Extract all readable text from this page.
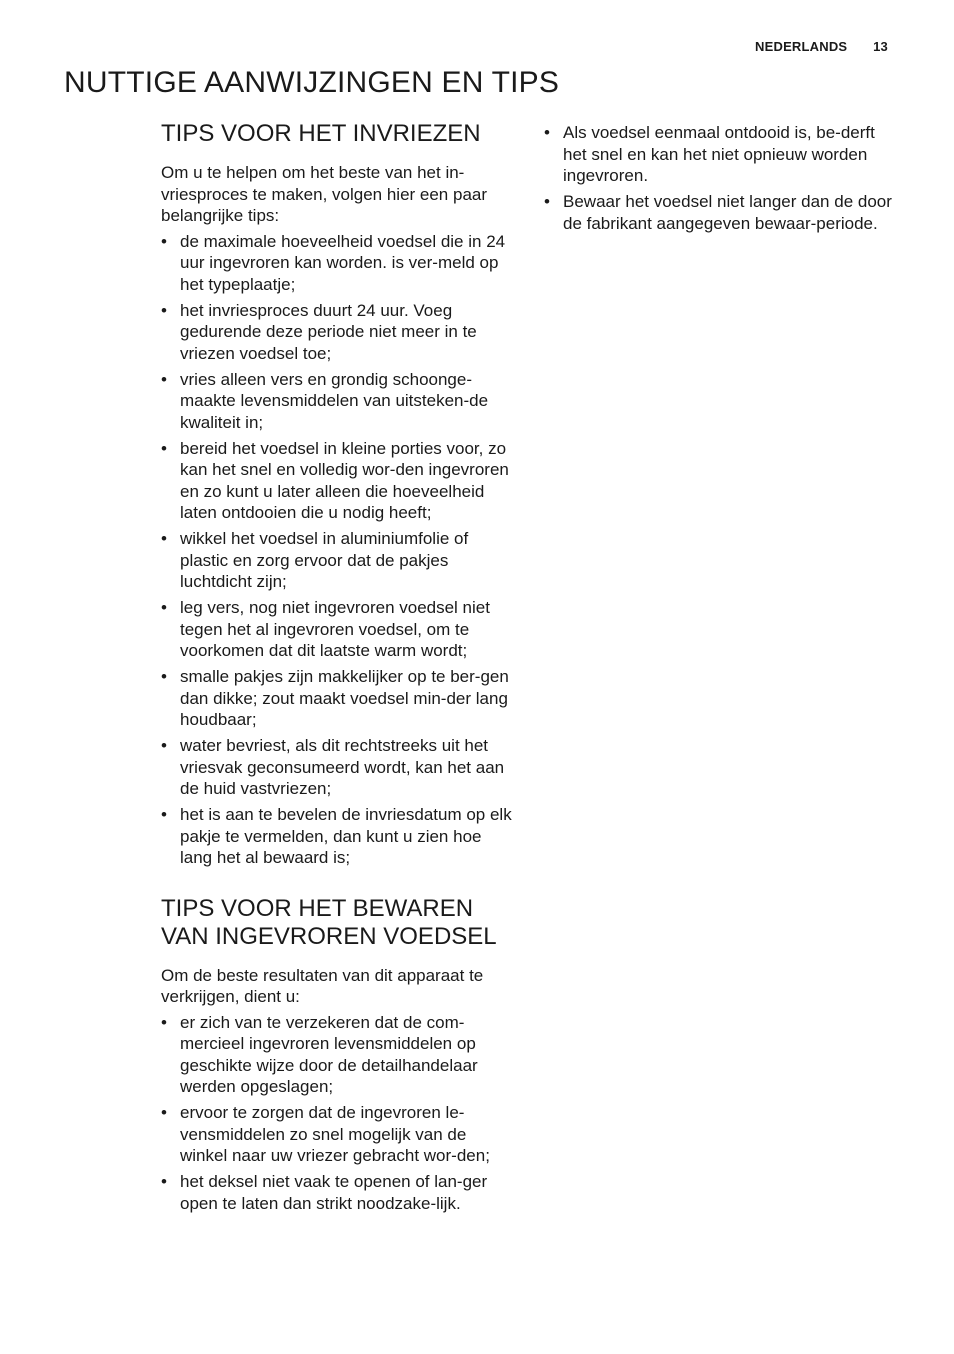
NEDERLANDS 13
NUTTIGE AANWIJZINGEN EN TIPS
TIPS VOOR HET INVRIEZEN

Om u te helpen om het beste van het in-vriesproces te maken, volgen hier een paar belangrijke tips:

• de maximale hoeveelheid voedsel die in 24 uur ingevroren kan worden. is ver-meld op het typeplaatje;
• het invriesproces duurt 24 uur. Voeg gedurende deze periode niet meer in te vriezen voedsel toe;
• vries alleen vers en grondig schoonge-maakte levensmiddelen van uitsteken-de kwaliteit in;
• bereid het voedsel in kleine porties voor, zo kan het snel en volledig wor-den ingevroren en zo kunt u later alleen die hoeveelheid laten ontdooien die u nodig heeft;
• wikkel het voedsel in aluminiumfolie of plastic en zorg ervoor dat de pakjes luchtdicht zijn;
• leg vers, nog niet ingevroren voedsel niet tegen het al ingevroren voedsel, om te voorkomen dat dit laatste warm wordt;
• smalle pakjes zijn makkelijker op te ber-gen dan dikke; zout maakt voedsel min-der lang houdbaar;
• water bevriest, als dit rechtstreeks uit het vriesvak geconsumeerd wordt, kan het aan de huid vastvriezen;
• het is aan te bevelen de invriesdatum op elk pakje te vermelden, dan kunt u zien hoe lang het al bewaard is;
TIPS VOOR HET BEWAREN
VAN INGEVROREN VOEDSEL

Om de beste resultaten van dit apparaat te verkrijgen, dient u:

• er zich van te verzekeren dat de com-mercieel ingevroren levensmiddelen op geschikte wijze door de detailhandelaar werden opgeslagen;
• ervoor te zorgen dat de ingevroren le-vensmiddelen zo snel mogelijk van de winkel naar uw vriezer gebracht wor-den;
• het deksel niet vaak te openen of lan-ger open te laten dan strikt noodzake-lijk.
• Als voedsel eenmaal ontdooid is, be-derft het snel en kan het niet opnieuw worden ingevroren.
• Bewaar het voedsel niet langer dan de door de fabrikant aangegeven bewaar-periode.
